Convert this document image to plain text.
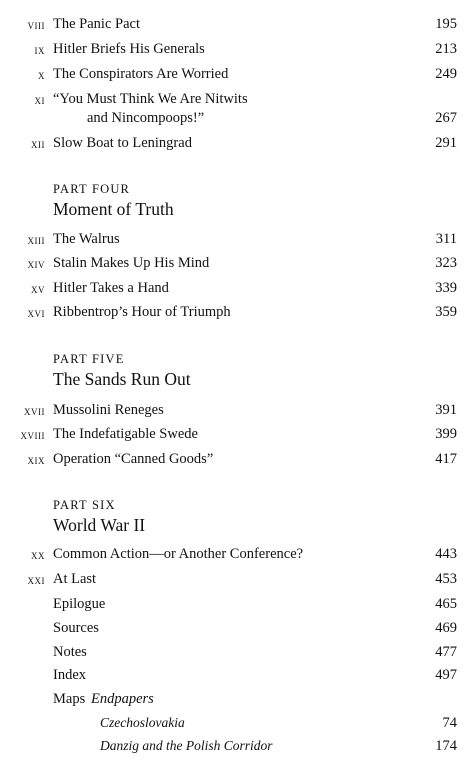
viii The Panic Pact	195
ix Hitler Briefs His Generals	213
x The Conspirators Are Worried	249
xi “You Must Think We Are Nitwits
and Nincompoops!”	267
xii Slow Boat to Leningrad	291
PART FOUR
Moment of Truth
xiii The Walrus	311
xiv Stalin Makes Up His Mind	323
xv Hitler Takes a Hand	339
xvi Ribbentrop’s Hour of Triumph	359
PART FIVE
The Sands Run Out
xvii Mussolini Reneges	391
xviii The Indefatigable Swede	399
xix Operation “Canned Goods”	417
PART SIX
World War II
xx Common Action—or Another Conference?	443
xxi At Last	453
Epilogue	465
Sources	469
Notes	477
Index	497
Maps Endpapers
Czechoslovakia	74
Danzig and the Polish Corridor	174
